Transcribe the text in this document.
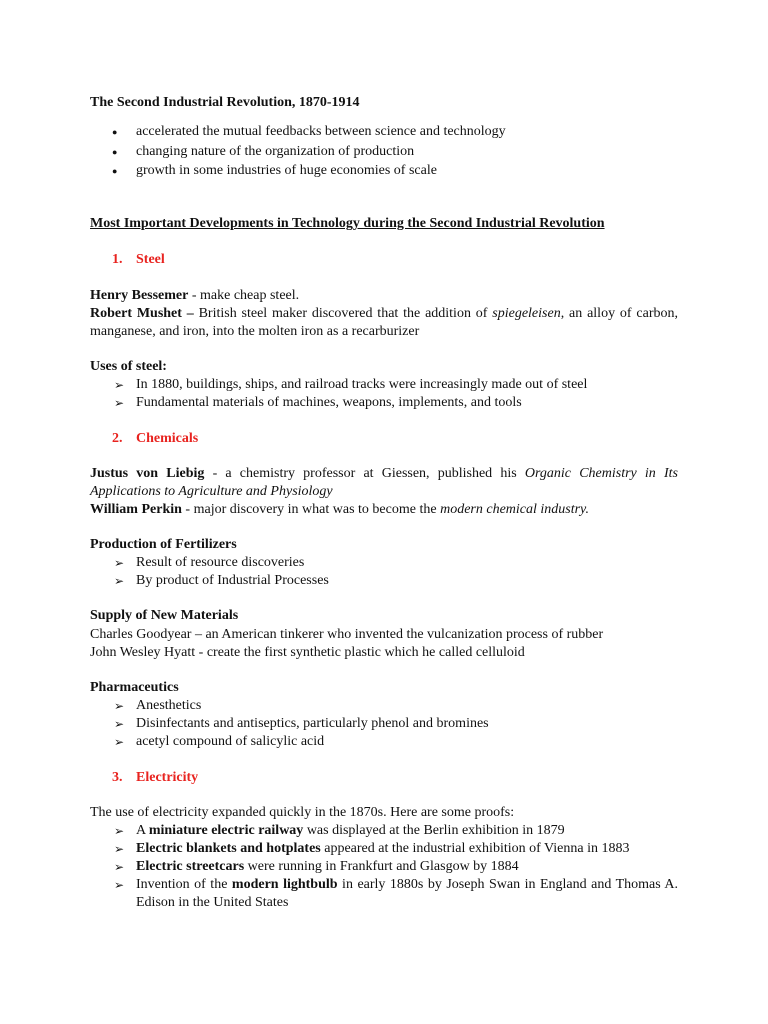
The Second Industrial Revolution, 1870-1914
● accelerated the mutual feedbacks between science and technology
● changing nature of the organization of production
● growth in some industries of huge economies of scale
Most Important Developments in Technology during the Second Industrial Revolution
1. Steel
Henry Bessemer - make cheap steel.
Robert Mushet – British steel maker discovered that the addition of spiegeleisen, an alloy of carbon, manganese, and iron, into the molten iron as a recarburizer
Uses of steel:
➢ In 1880, buildings, ships, and railroad tracks were increasingly made out of steel
➢ Fundamental materials of machines, weapons, implements, and tools
2. Chemicals
Justus von Liebig - a chemistry professor at Giessen, published his Organic Chemistry in Its Applications to Agriculture and Physiology
William Perkin - major discovery in what was to become the modern chemical industry.
Production of Fertilizers
➢ Result of resource discoveries
➢ By product of Industrial Processes
Supply of New Materials
Charles Goodyear – an American tinkerer who invented the vulcanization process of rubber
John Wesley Hyatt - create the first synthetic plastic which he called celluloid
Pharmaceutics
➢ Anesthetics
➢ Disinfectants and antiseptics, particularly phenol and bromines
➢ acetyl compound of salicylic acid
3. Electricity
The use of electricity expanded quickly in the 1870s. Here are some proofs:
➢ A miniature electric railway was displayed at the Berlin exhibition in 1879
➢ Electric blankets and hotplates appeared at the industrial exhibition of Vienna in 1883
➢ Electric streetcars were running in Frankfurt and Glasgow by 1884
➢ Invention of the modern lightbulb in early 1880s by Joseph Swan in England and Thomas A. Edison in the United States
